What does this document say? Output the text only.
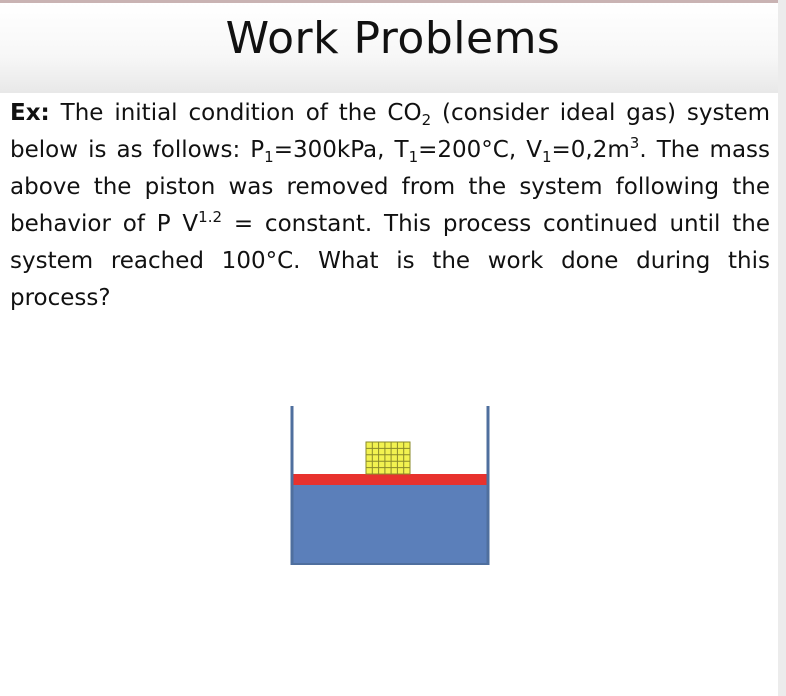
Work Problems
Ex: The initial condition of the $CO_2$ (consider ideal gas) system below is as follows: $P_1=300kPa$, $T_1=200^\circ C$, $V_1=0,2m^3$. The mass above the piston was removed from the system following the behavior of P $V^{1.2}$ = constant. This process continued until the system reached 100°C. What is the work done during this process?
